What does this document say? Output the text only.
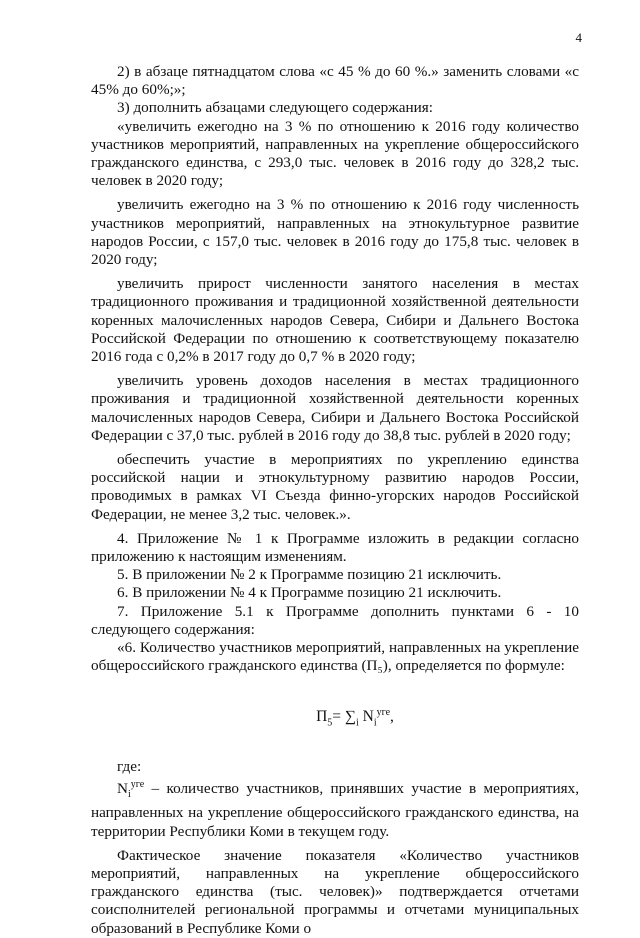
4

2) в абзаце пятнадцатом слова «с 45 % до 60 %.» заменить словами «с 45% до 60%;»;

3) дополнить абзацами следующего содержания:

«увеличить ежегодно на 3 % по отношению к 2016 году количество участников мероприятий, направленных на укрепление общероссийского гражданского единства, с 293,0 тыс. человек в 2016 году до 328,2 тыс. человек в 2020 году;

увеличить ежегодно на 3 % по отношению к 2016 году численность участников мероприятий, направленных на этнокультурное развитие народов России, с 157,0 тыс. человек в 2016 году до 175,8 тыс. человек в 2020 году;

увеличить прирост численности занятого населения в местах традиционного проживания и традиционной хозяйственной деятельности коренных малочисленных народов Севера, Сибири и Дальнего Востока Российской Федерации по отношению к соответствующему показателю 2016 года с 0,2% в 2017 году до 0,7 % в 2020 году;

увеличить уровень доходов населения в местах традиционного проживания и традиционной хозяйственной деятельности коренных малочисленных народов Севера, Сибири и Дальнего Востока Российской Федерации с 37,0 тыс. рублей в 2016 году до 38,8 тыс. рублей в 2020 году;

обеспечить участие в мероприятиях по укреплению единства российской нации и этнокультурному развитию народов России, проводимых в рамках VI Съезда финно-угорских народов Российской Федерации, не менее 3,2 тыс. человек.».

4. Приложение № 1 к Программе изложить в редакции согласно приложению к настоящим изменениям.

5. В приложении № 2 к Программе позицию 21 исключить.

6. В приложении № 4 к Программе позицию 21 исключить.

7. Приложение 5.1 к Программе дополнить пунктами 6 - 10 следующего содержания:

«6. Количество участников мероприятий, направленных на укрепление общероссийского гражданского единства (П₅), определяется по формуле:

$П_5= \sum_i$ $N_i^{уге}$,

где:

$N_i^{уге}$ – количество участников, принявших участие в мероприятиях, направленных на укрепление общероссийского гражданского единства, на территории Республики Коми в текущем году.

Фактическое значение показателя «Количество участников мероприятий, направленных на укрепление общероссийского гражданского единства (тыс. человек)» подтверждается отчетами соисполнителей региональной программы и отчетами муниципальных образований в Республике Коми о
